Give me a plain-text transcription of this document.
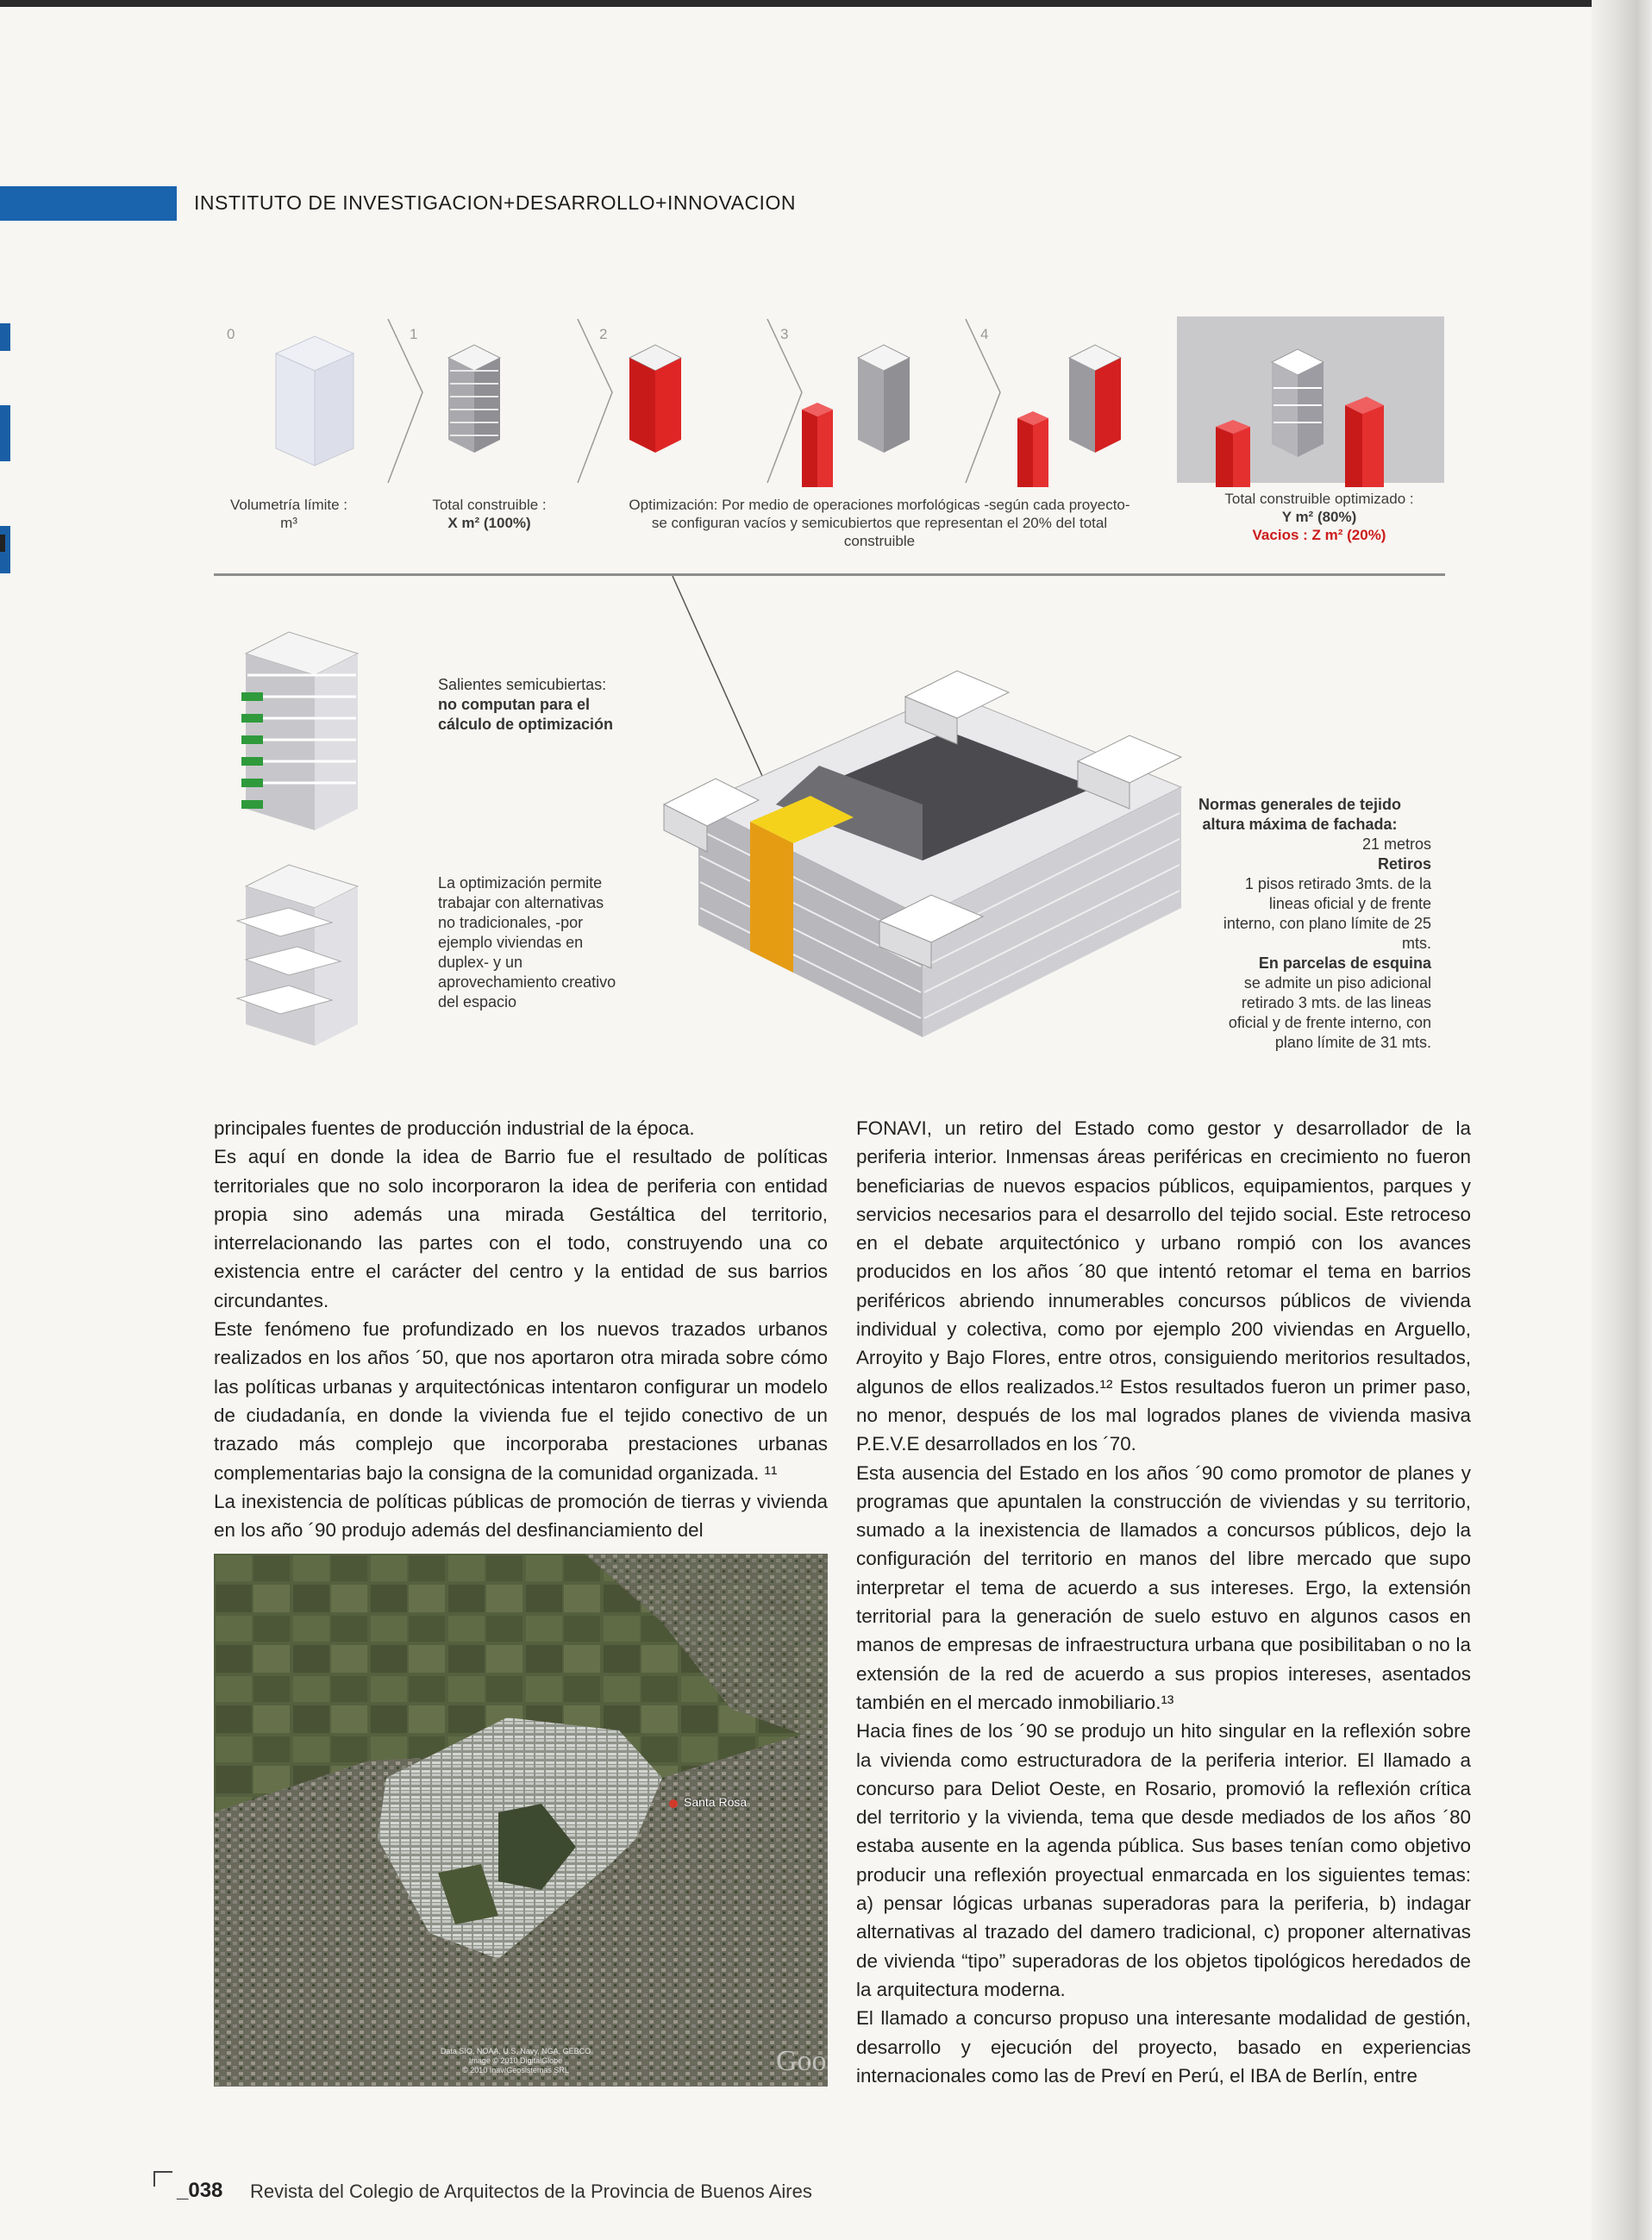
INSTITUTO DE INVESTIGACION+DESARROLLO+INNOVACION
0	1	2	3	4
Volumetría límite :
m³
Total construible :
X m² (100%)
Optimización: Por medio de operaciones morfológicas -según cada proyecto-
se configuran vacíos y semicubiertos que representan el 20% del total
construible
Total construible optimizado :
Y m² (80%)
Vacios : Z m² (20%)
Salientes semicubiertas:
no computan para el
cálculo de optimización
La optimización permite
trabajar con alternativas
no tradicionales, -por
ejemplo viviendas en
duplex- y un
aprovechamiento creativo
del espacio
Normas generales de tejido
altura máxima de fachada:
21 metros
Retiros
1 pisos retirado 3mts. de la
lineas oficial y de frente
interno, con plano límite de 25
mts.
En parcelas de esquina
se admite un piso adicional
retirado 3 mts. de las lineas
oficial y de frente interno, con
plano límite de 31 mts.

principales fuentes de producción industrial de la época.

Es aquí en donde la idea de Barrio fue el resultado de políticas territoriales que no solo incorporaron la idea de periferia con entidad propia sino además una mirada Gestáltica del territorio, interrelacionando las partes con el todo, construyendo una co existencia entre el carácter del centro y la entidad de sus barrios circundantes.

Este fenómeno fue profundizado en los nuevos trazados urbanos realizados en los años ´50, que nos aportaron otra mirada sobre cómo las políticas urbanas y arquitectónicas intentaron configurar un modelo de ciudadanía, en donde la vivienda fue el tejido conectivo de un trazado más complejo que incorporaba prestaciones urbanas complementarias bajo la consigna de la comunidad organizada. ¹¹

La inexistencia de políticas públicas de promoción de tierras y vivienda en los año ´90 produjo además del desfinanciamiento del

FONAVI, un retiro del Estado como gestor y desarrollador de la periferia interior. Inmensas áreas periféricas en crecimiento no fueron beneficiarias de nuevos espacios públicos, equipamientos, parques y servicios necesarios para el desarrollo del tejido social. Este retroceso en el debate arquitectónico y urbano rompió con los avances producidos en los años ´80 que intentó retomar el tema en barrios periféricos abriendo innumerables concursos públicos de vivienda individual y colectiva, como por ejemplo 200 viviendas en Arguello, Arroyito y Bajo Flores, entre otros, consiguiendo meritorios resultados, algunos de ellos realizados.¹² Estos resultados fueron un primer paso, no menor, después de los mal logrados planes de vivienda masiva P.E.V.E desarrollados en los ´70.

Esta ausencia del Estado en los años ´90 como promotor de planes y programas que apuntalen la construcción de viviendas y su territorio, sumado a la inexistencia de llamados a concursos públicos, dejo la configuración del territorio en manos del libre mercado que supo interpretar el tema de acuerdo a sus intereses. Ergo, la extensión territorial para la generación de suelo estuvo en algunos casos en manos de empresas de infraestructura urbana que posibilitaban o no la extensión de la red de acuerdo a sus propios intereses, asentados también en el mercado inmobiliario.¹³

Hacia fines de los ´90 se produjo un hito singular en la reflexión sobre la vivienda como estructuradora de la periferia interior. El llamado a concurso para Deliot Oeste, en Rosario, promovió la reflexión crítica del territorio y la vivienda, tema que desde mediados de los años ´80 estaba ausente en la agenda pública. Sus bases tenían como objetivo producir una reflexión proyectual enmarcada en los siguientes temas: a) pensar lógicas urbanas superadoras para la periferia, b) indagar alternativas al trazado del damero tradicional, c) proponer alternativas de vivienda “tipo” superadoras de los objetos tipológicos heredados de la arquitectura moderna.

El llamado a concurso propuso una interesante modalidad de gestión, desarrollo y ejecución del proyecto, basado en experiencias internacionales como las de Preví en Perú, el IBA de Berlín, entre

Santa Rosa
Data SIO, NOAA, U.S. Navy, NGA, GEBCO
Image © 2010 DigitalGlobe
© 2010 Inav/Geosistemas SRL	Goo
_038 Revista del Colegio de Arquitectos de la Provincia de Buenos Aires
